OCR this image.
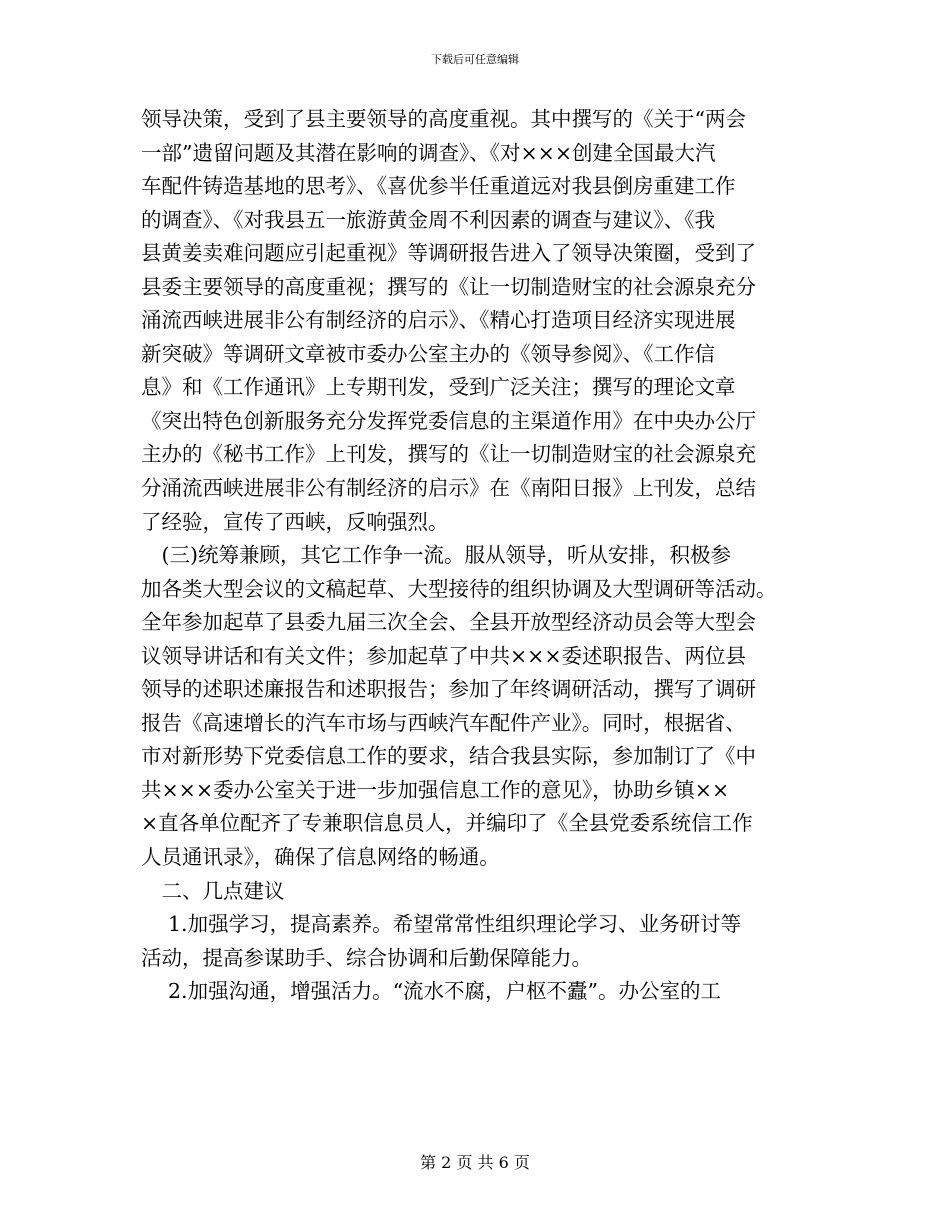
下载后可任意编辑
领导决策，受到了县主要领导的高度重视。其中撰写的《关于“两会
一部”遗留问题及其潜在影响的调查》、《对×××创建全国最大汽
车配件铸造基地的思考》、《喜优参半任重道远对我县倒房重建工作
的调查》、《对我县五一旅游黄金周不利因素的调查与建议》、《我
县黄姜卖难问题应引起重视》等调研报告进入了领导决策圈，受到了
县委主要领导的高度重视；撰写的《让一切制造财宝的社会源泉充分
涌流西峡进展非公有制经济的启示》、《精心打造项目经济实现进展
新突破》等调研文章被市委办公室主办的《领导参阅》、《工作信
息》和《工作通讯》上专期刊发，受到广泛关注；撰写的理论文章
《突出特色创新服务充分发挥党委信息的主渠道作用》在中央办公厅
主办的《秘书工作》上刊发，撰写的《让一切制造财宝的社会源泉充
分涌流西峡进展非公有制经济的启示》在《南阳日报》上刊发，总结
了经验，宣传了西峡，反响强烈。
　(三)统筹兼顾，其它工作争一流。服从领导，听从安排，积极参
加各类大型会议的文稿起草、大型接待的组织协调及大型调研等活动。
全年参加起草了县委九届三次全会、全县开放型经济动员会等大型会
议领导讲话和有关文件；参加起草了中共×××委述职报告、两位县
领导的述职述廉报告和述职报告；参加了年终调研活动，撰写了调研
报告《高速增长的汽车市场与西峡汽车配件产业》。同时，根据省、
市对新形势下党委信息工作的要求，结合我县实际，参加制订了《中
共×××委办公室关于进一步加强信息工作的意见》，协助乡镇××
×直各单位配齐了专兼职信息员人，并编印了《全县党委系统信工作
人员通讯录》，确保了信息网络的畅通。
　二、几点建议
　 1.加强学习，提高素养。希望常常性组织理论学习、业务研讨等
活动，提高参谋助手、综合协调和后勤保障能力。
　 2.加强沟通，增强活力。“流水不腐，户枢不蠹”。办公室的工
第 2 页 共 6 页
